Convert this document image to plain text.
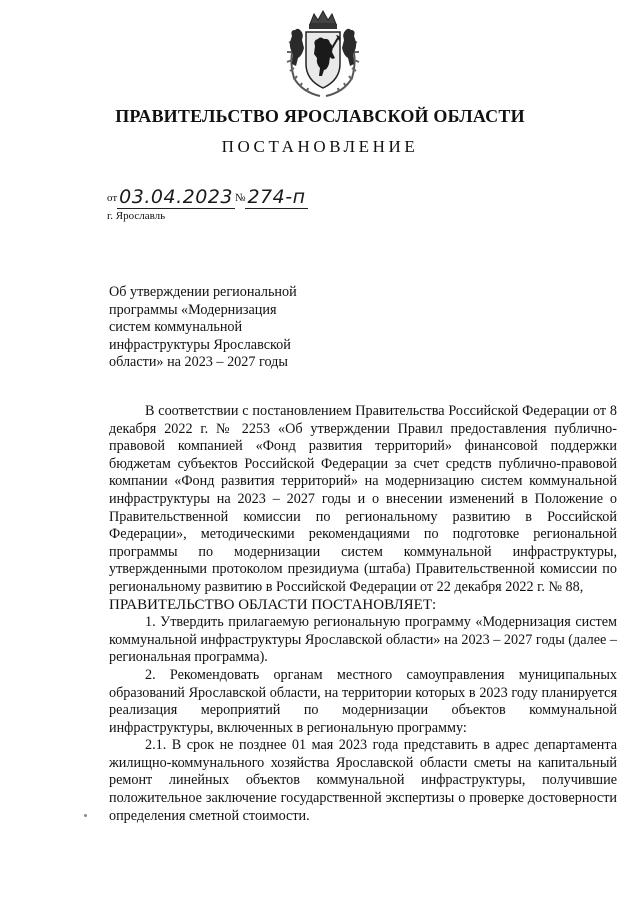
ПРАВИТЕЛЬСТВО ЯРОСЛАВСКОЙ ОБЛАСТИ
ПОСТАНОВЛЕНИЕ
от 03.04.2023 № 274-п
г. Ярославль
Об утверждении региональной
программы «Модернизация
систем коммунальной
инфраструктуры Ярославской
области» на 2023 – 2027 годы

В соответствии с постановлением Правительства Российской Федерации от 8 декабря 2022 г. № 2253 «Об утверждении Правил предоставления публично-правовой компанией «Фонд развития территорий» финансовой поддержки бюджетам субъектов Российской Федерации за счет средств публично-правовой компании «Фонд развития территорий» на модернизацию систем коммунальной инфраструктуры на 2023 – 2027 годы и о внесении изменений в Положение о Правительственной комиссии по региональному развитию в Российской Федерации», методическими рекомендациями по подготовке региональной программы по модернизации систем коммунальной инфраструктуры, утвержденными протоколом президиума (штаба) Правительственной комиссии по региональному развитию в Российской Федерации от 22 декабря 2022 г. № 88,

ПРАВИТЕЛЬСТВО ОБЛАСТИ ПОСТАНОВЛЯЕТ:

1. Утвердить прилагаемую региональную программу «Модернизация систем коммунальной инфраструктуры Ярославской области» на 2023 – 2027 годы (далее – региональная программа).

2. Рекомендовать органам местного самоуправления муниципальных образований Ярославской области, на территории которых в 2023 году планируется реализация мероприятий по модернизации объектов коммунальной инфраструктуры, включенных в региональную программу:

2.1. В срок не позднее 01 мая 2023 года представить в адрес департамента жилищно-коммунального хозяйства Ярославской области сметы на капитальный ремонт линейных объектов коммунальной инфраструктуры, получившие положительное заключение государственной экспертизы о проверке достоверности определения сметной стоимости.
